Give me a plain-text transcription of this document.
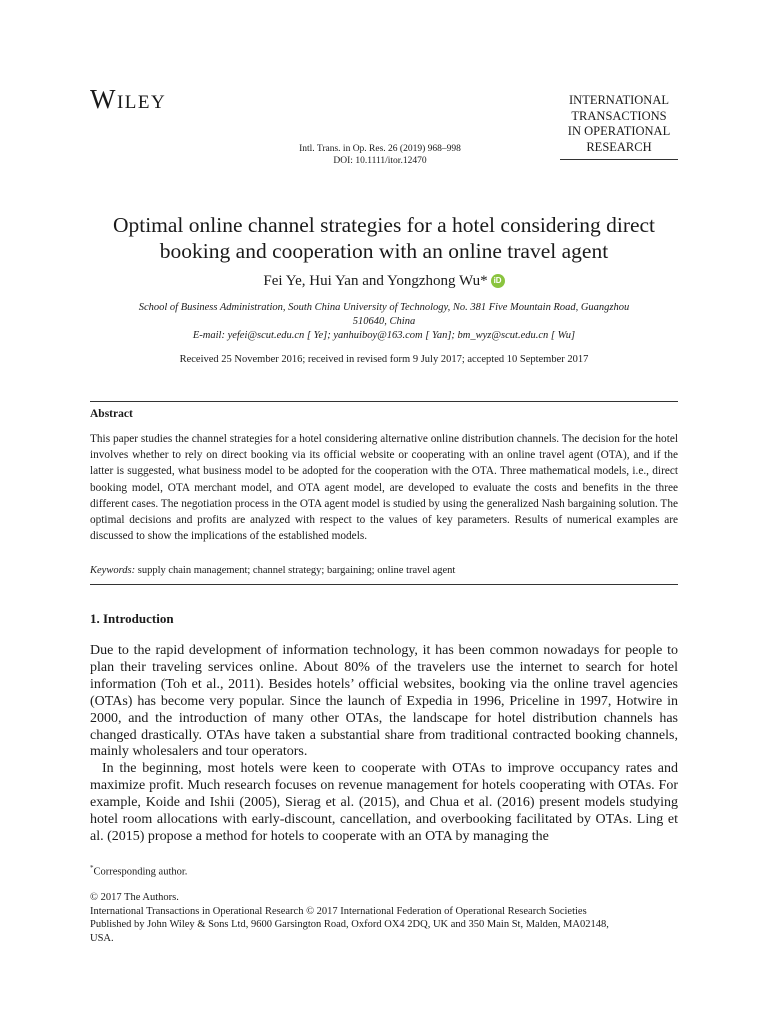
Wiley	INTERNATIONAL
TRANSACTIONS
IN OPERATIONAL
RESEARCH
Intl. Trans. in Op. Res. 26 (2019) 968–998
DOI: 10.1111/itor.12470
Optimal online channel strategies for a hotel considering direct
booking and cooperation with an online travel agent
Fei Ye, Hui Yan and Yongzhong Wu* iD
School of Business Administration, South China University of Technology, No. 381 Five Mountain Road, Guangzhou
510640, China
E-mail: yefei@scut.edu.cn [ Ye]; yanhuiboy@163.com [ Yan]; bm_wyz@scut.edu.cn [ Wu]
Received 25 November 2016; received in revised form 9 July 2017; accepted 10 September 2017
Abstract
This paper studies the channel strategies for a hotel considering alternative online distribution channels. The decision for the hotel involves whether to rely on direct booking via its official website or cooperating with an online travel agent (OTA), and if the latter is suggested, what business model to be adopted for the cooperation with the OTA. Three mathematical models, i.e., direct booking model, OTA merchant model, and OTA agent model, are developed to evaluate the costs and benefits in the three different cases. The negotiation process in the OTA agent model is studied by using the generalized Nash bargaining solution. The optimal decisions and profits are analyzed with respect to the values of key parameters. Results of numerical examples are discussed to show the implications of the established models.
Keywords: supply chain management; channel strategy; bargaining; online travel agent
1. Introduction

Due to the rapid development of information technology, it has been common nowadays for people to plan their traveling services online. About 80% of the travelers use the internet to search for hotel information (Toh et al., 2011). Besides hotels’ official websites, booking via the online travel agencies (OTAs) has become very popular. Since the launch of Expedia in 1996, Priceline in 1997, Hotwire in 2000, and the introduction of many other OTAs, the landscape for hotel distribution channels has changed drastically. OTAs have taken a substantial share from traditional contracted booking channels, mainly wholesalers and tour operators.

In the beginning, most hotels were keen to cooperate with OTAs to improve occupancy rates and maximize profit. Much research focuses on revenue management for hotels cooperating with OTAs. For example, Koide and Ishii (2005), Sierag et al. (2015), and Chua et al. (2016) present models studying hotel room allocations with early-discount, cancellation, and overbooking facilitated by OTAs. Ling et al. (2015) propose a method for hotels to cooperate with an OTA by managing the

*Corresponding author.
© 2017 The Authors.
International Transactions in Operational Research © 2017 International Federation of Operational Research Societies
Published by John Wiley & Sons Ltd, 9600 Garsington Road, Oxford OX4 2DQ, UK and 350 Main St, Malden, MA02148,
USA.
